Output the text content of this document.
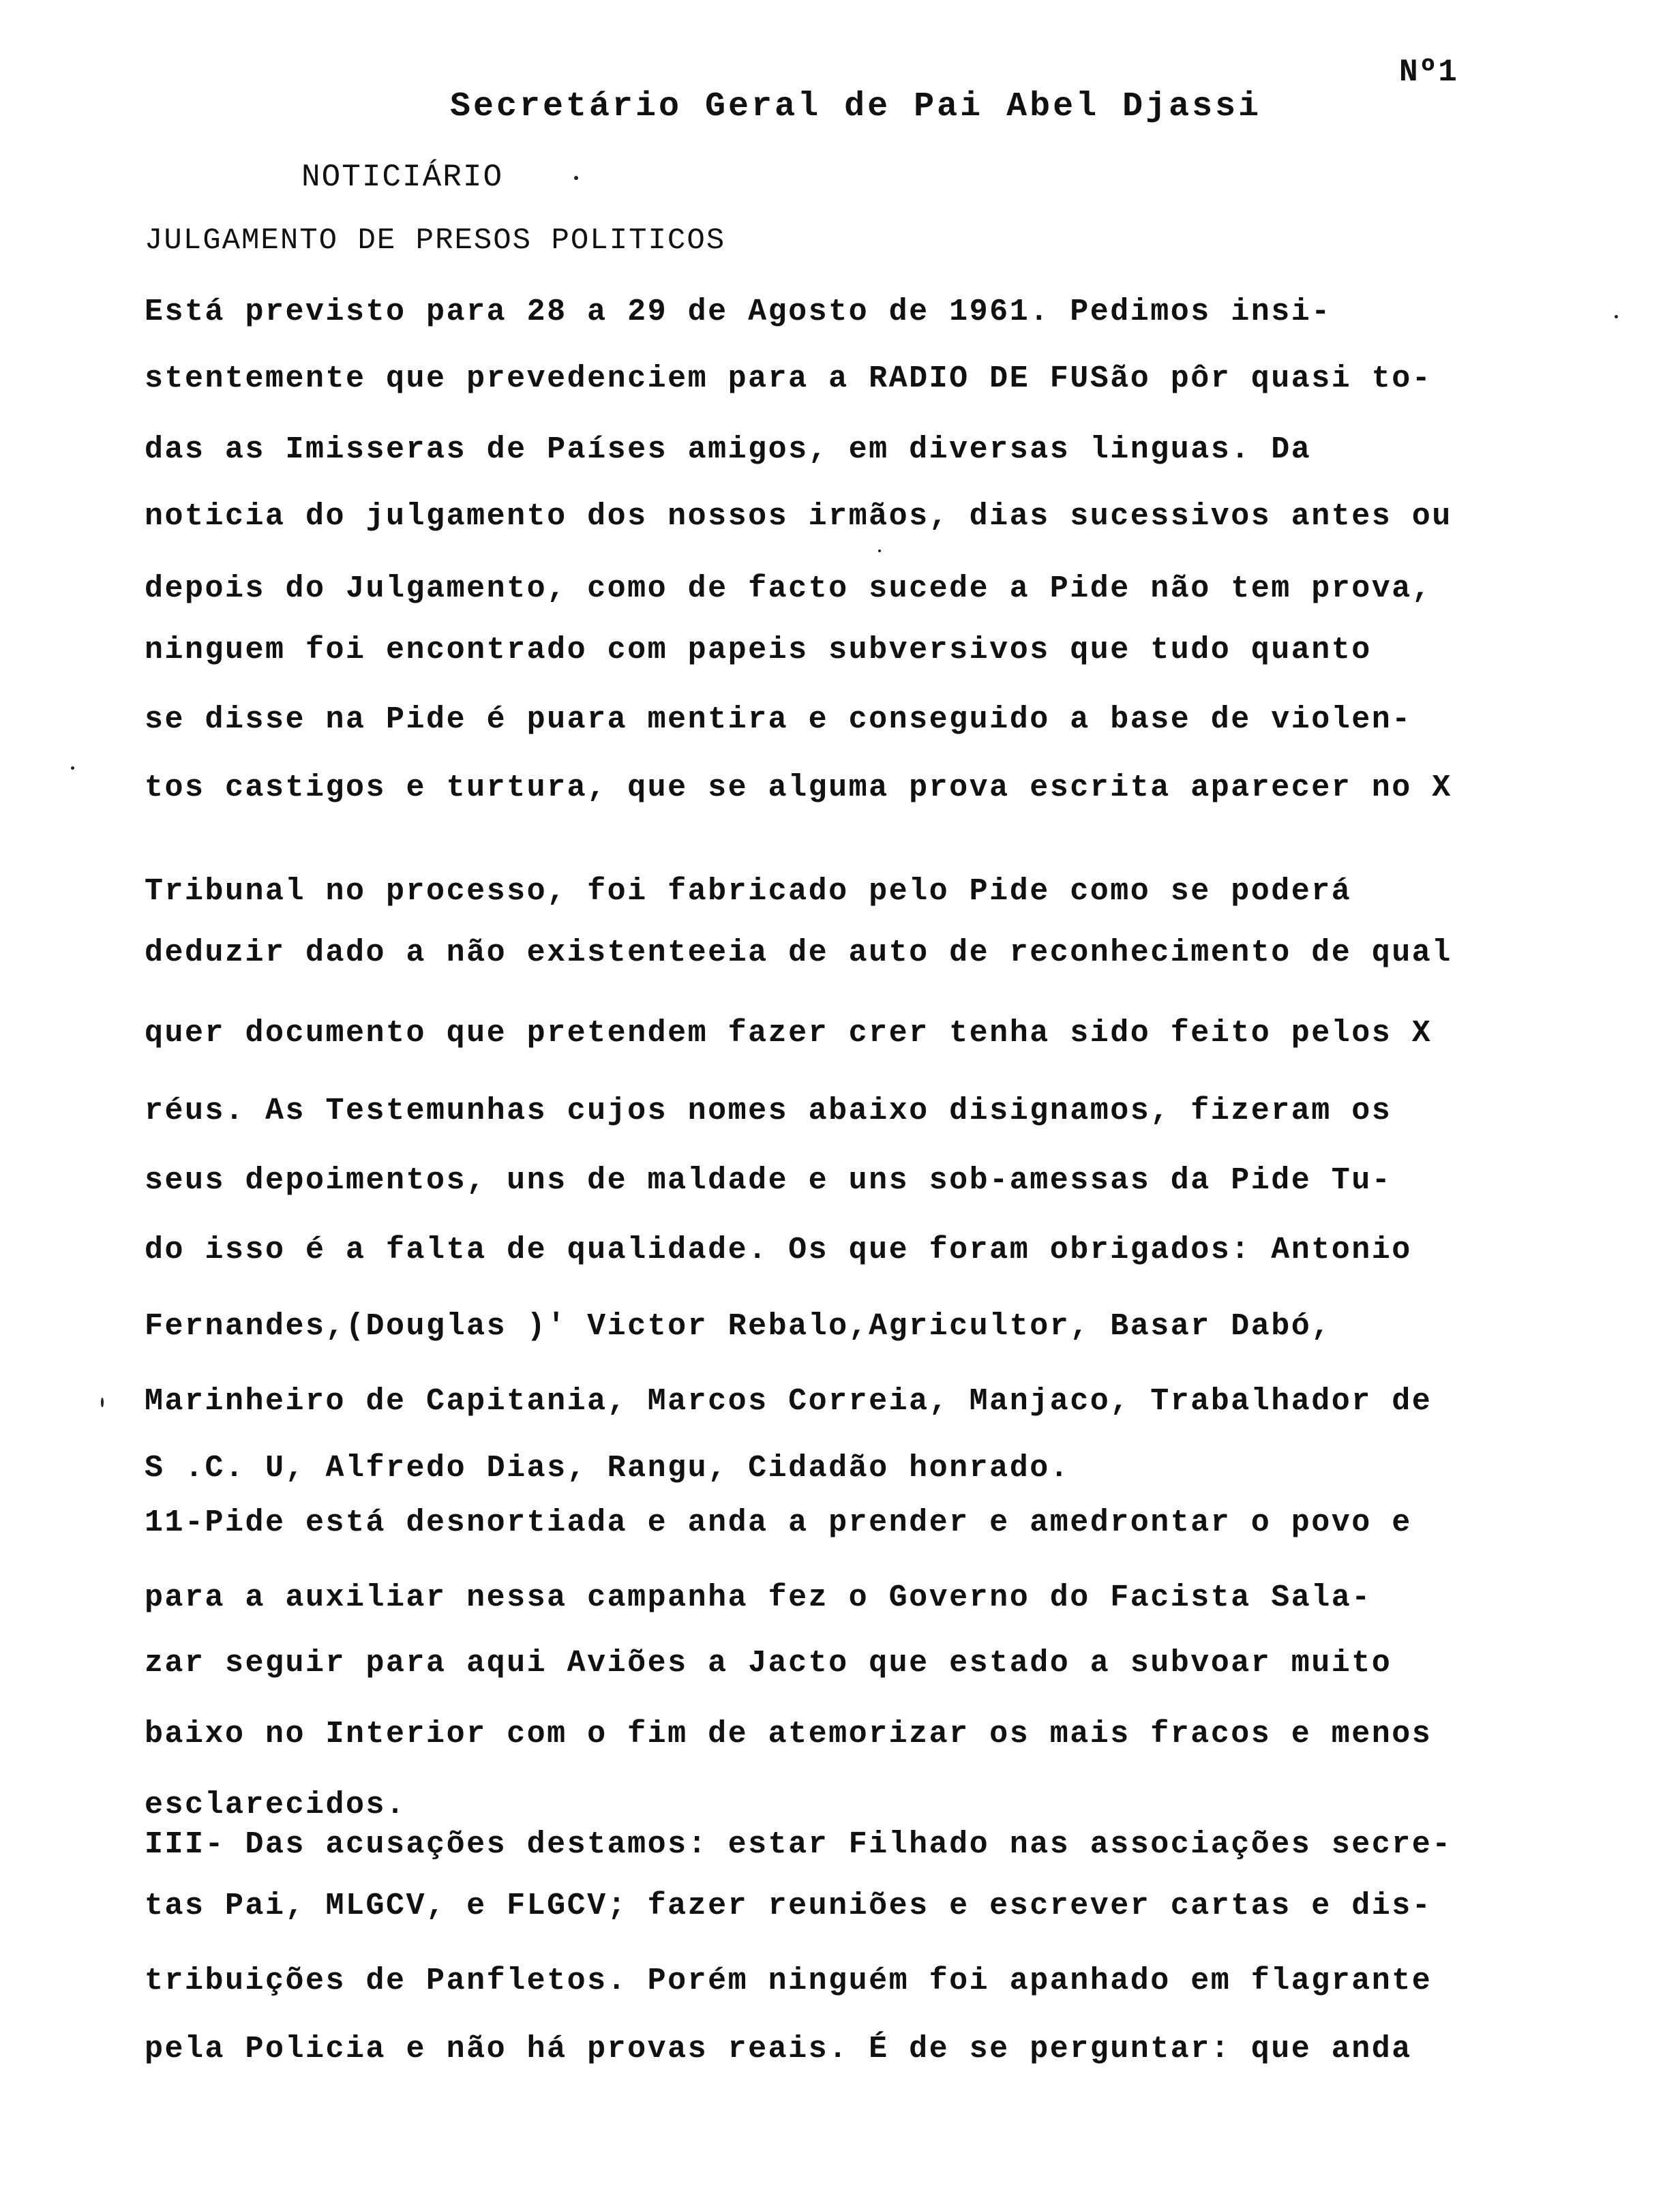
Nº1
Secretário Geral de Pai Abel Djassi
NOTICIÁRIO
JULGAMENTO DE PRESOS POLITICOS
Está previsto para 28 a 29 de Agosto de 1961. Pedimos insi-
stentemente que prevedenciem para a RADIO DE FUSão pôr quasi to-
das as Imisseras de Países amigos, em diversas linguas. Da
noticia do julgamento dos nossos irmãos, dias sucessivos antes ou
depois do Julgamento, como de facto sucede a Pide não tem prova,
ninguem foi encontrado com papeis subversivos que tudo quanto
se disse na Pide é puara mentira e conseguido a base de violen-
tos castigos e turtura, que se alguma prova escrita aparecer no X
Tribunal no processo, foi fabricado pelo Pide como se poderá
deduzir dado a não existenteeia de auto de reconhecimento de qual
quer documento que pretendem fazer crer tenha sido feito pelos X
réus. As Testemunhas cujos nomes abaixo disignamos, fizeram os
seus depoimentos, uns de maldade e uns sob-amessas da Pide Tu-
do isso é a falta de qualidade. Os que foram obrigados: Antonio
Fernandes,(Douglas )' Victor Rebalo,Agricultor, Basar Dabó,
Marinheiro de Capitania, Marcos Correia, Manjaco, Trabalhador de
S .C. U, Alfredo Dias, Rangu, Cidadão honrado.
11-Pide está desnortiada e anda a prender e amedrontar o povo e
para a auxiliar nessa campanha fez o Governo do Facista Sala-
zar seguir para aqui Aviões a Jacto que estado a subvoar muito
baixo no Interior com o fim de atemorizar os mais fracos e menos
esclarecidos.
III- Das acusações destamos: estar Filhado nas associações secre-
tas Pai, MLGCV, e FLGCV; fazer reuniões e escrever cartas e dis-
tribuições de Panfletos. Porém ninguém foi apanhado em flagrante
pela Policia e não há provas reais. É de se perguntar: que anda
